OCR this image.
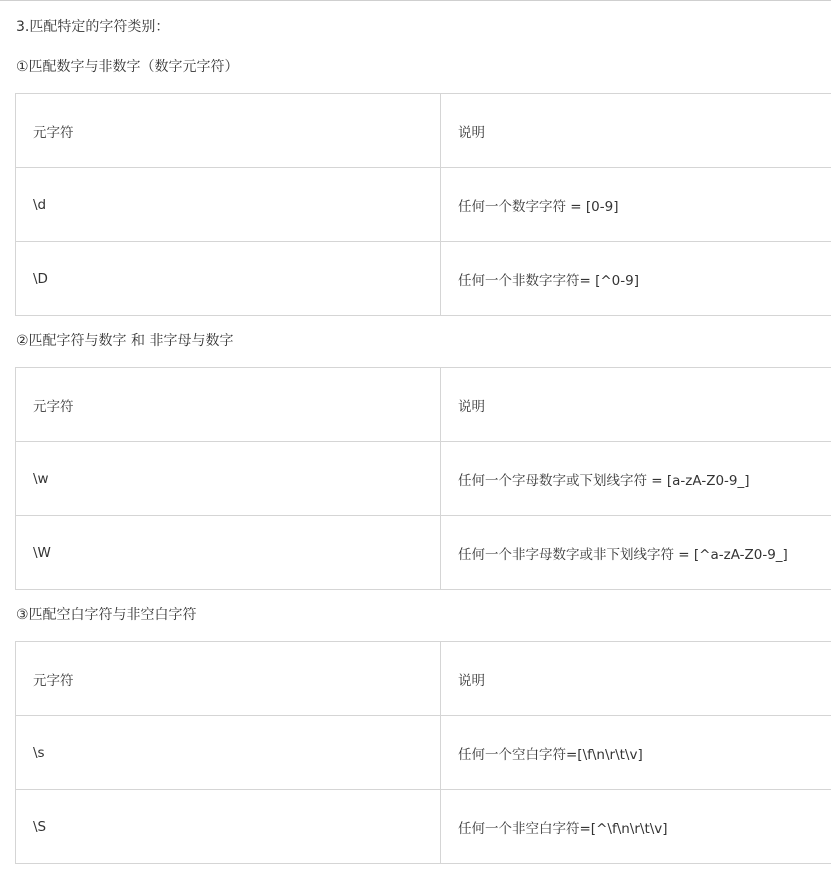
3.匹配特定的字符类别：
①匹配数字与非数字（数字元字符）
元字符	说明
\d	任何一个数字字符 = [0-9]
\D	任何一个非数字字符= [^0-9]
②匹配字符与数字 和 非字母与数字
元字符	说明
\w	任何一个字母数字或下划线字符 = [a-zA-Z0-9_]
\W	任何一个非字母数字或非下划线字符 = [^a-zA-Z0-9_]
③匹配空白字符与非空白字符
元字符	说明
\s	任何一个空白字符=[\f\n\r\t\v]
\S	任何一个非空白字符=[^\f\n\r\t\v]
